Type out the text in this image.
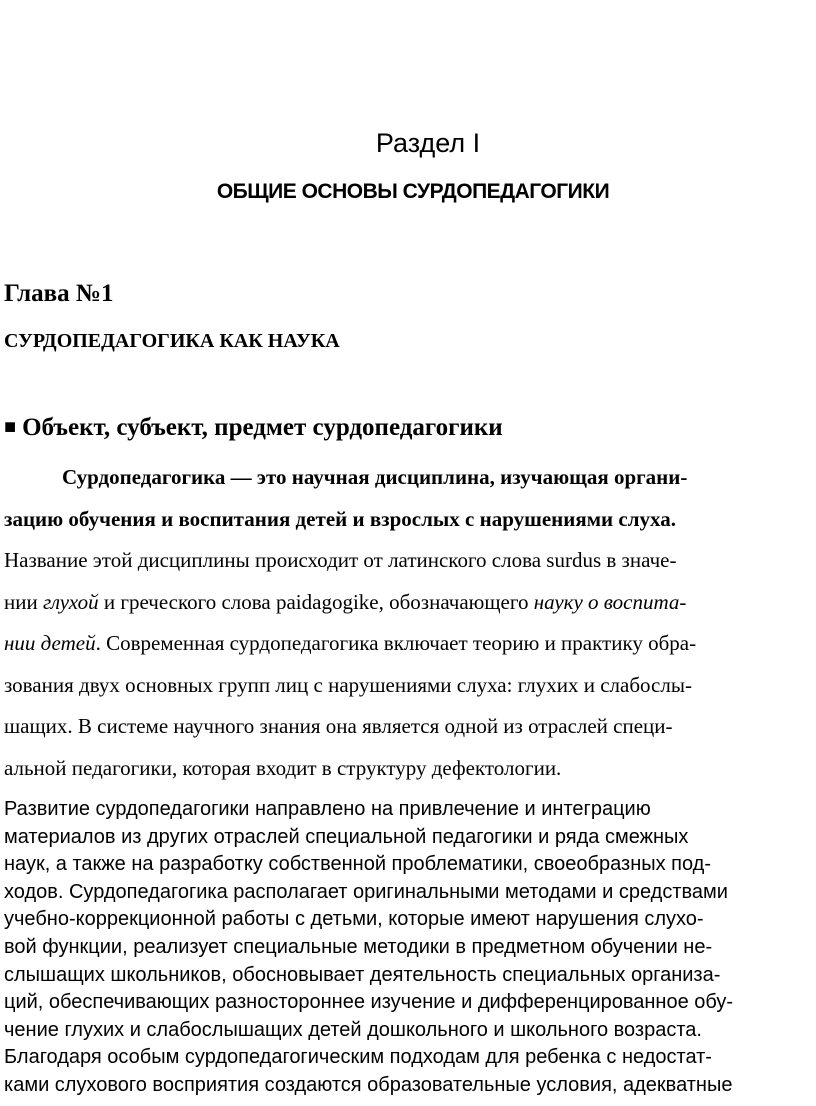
Раздел I
ОБЩИЕ ОСНОВЫ СУРДОПЕДАГОГИКИ
Глава №1
СУРДОПЕДАГОГИКА КАК НАУКА
■ Объект, субъект, предмет сурдопедагогики
Сурдопедагогика — это научная дисциплина, изучающая органи-
зацию обучения и воспитания детей и взрослых с нарушениями слуха.
Название этой дисциплины происходит от латинского слова surdus в значе-
нии глухой и греческого слова paidagogike, обозначающего науку о воспита-
нии детей. Современная сурдопедагогика включает теорию и практику обра-
зования двух основных групп лиц с нарушениями слуха: глухих и слабослы-
шащих. В системе научного знания она является одной из отраслей специ-
альной педагогики, которая входит в структуру дефектологии.
Развитие сурдопедагогики направлено на привлечение и интеграцию
материалов из других отраслей специальной педагогики и ряда смежных
наук, а также на разработку собственной проблематики, своеобразных под-
ходов. Сурдопедагогика располагает оригинальными методами и средствами
учебно-коррекционной работы с детьми, которые имеют нарушения слухо-
вой функции, реализует специальные методики в предметном обучении не-
слышащих школьников, обосновывает деятельность специальных организа-
ций, обеспечивающих разностороннее изучение и дифференцированное обу-
чение глухих и слабослышащих детей дошкольного и школьного возраста.
Благодаря особым сурдопедагогическим подходам для ребенка с недостат-
ками слухового восприятия создаются образовательные условия, адекватные
